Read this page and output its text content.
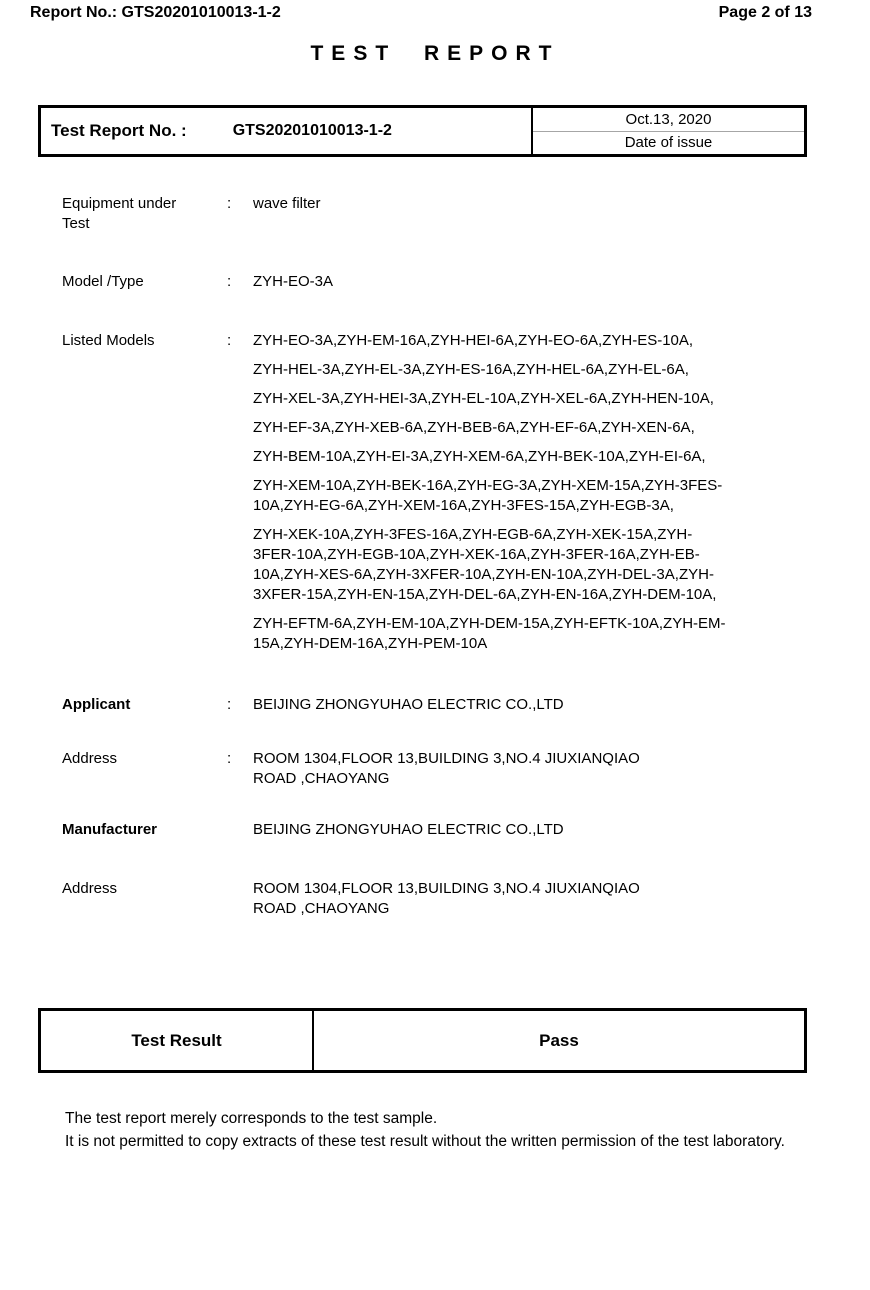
Report No.: GTS20201010013-1-2	Page 2 of 13
TEST REPORT
Test Report No. :	GTS20201010013-1-2
Oct.13, 2020
Date of issue
Equipment under
Test
:	wave filter
Model /Type	:	ZYH-EO-3A
Listed Models	:	ZYH-EO-3A,ZYH-EM-16A,ZYH-HEI-6A,ZYH-EO-6A,ZYH-ES-10A,
ZYH-HEL-3A,ZYH-EL-3A,ZYH-ES-16A,ZYH-HEL-6A,ZYH-EL-6A,
ZYH-XEL-3A,ZYH-HEI-3A,ZYH-EL-10A,ZYH-XEL-6A,ZYH-HEN-10A,
ZYH-EF-3A,ZYH-XEB-6A,ZYH-BEB-6A,ZYH-EF-6A,ZYH-XEN-6A,
ZYH-BEM-10A,ZYH-EI-3A,ZYH-XEM-6A,ZYH-BEK-10A,ZYH-EI-6A,
ZYH-XEM-10A,ZYH-BEK-16A,ZYH-EG-3A,ZYH-XEM-15A,ZYH-3FES-
10A,ZYH-EG-6A,ZYH-XEM-16A,ZYH-3FES-15A,ZYH-EGB-3A,
ZYH-XEK-10A,ZYH-3FES-16A,ZYH-EGB-6A,ZYH-XEK-15A,ZYH-
3FER-10A,ZYH-EGB-10A,ZYH-XEK-16A,ZYH-3FER-16A,ZYH-EB-
10A,ZYH-XES-6A,ZYH-3XFER-10A,ZYH-EN-10A,ZYH-DEL-3A,ZYH-
3XFER-15A,ZYH-EN-15A,ZYH-DEL-6A,ZYH-EN-16A,ZYH-DEM-10A,
ZYH-EFTM-6A,ZYH-EM-10A,ZYH-DEM-15A,ZYH-EFTK-10A,ZYH-EM-
15A,ZYH-DEM-16A,ZYH-PEM-10A
Applicant	:	BEIJING ZHONGYUHAO ELECTRIC CO.,LTD
Address	:	ROOM 1304,FLOOR 13,BUILDING 3,NO.4 JIUXIANQIAO
ROAD ,CHAOYANG
Manufacturer	BEIJING ZHONGYUHAO ELECTRIC CO.,LTD
Address	ROOM 1304,FLOOR 13,BUILDING 3,NO.4 JIUXIANQIAO
ROAD ,CHAOYANG
Test Result	Pass
The test report merely corresponds to the test sample.
It is not permitted to copy extracts of these test result without the written permission of the test laboratory.
